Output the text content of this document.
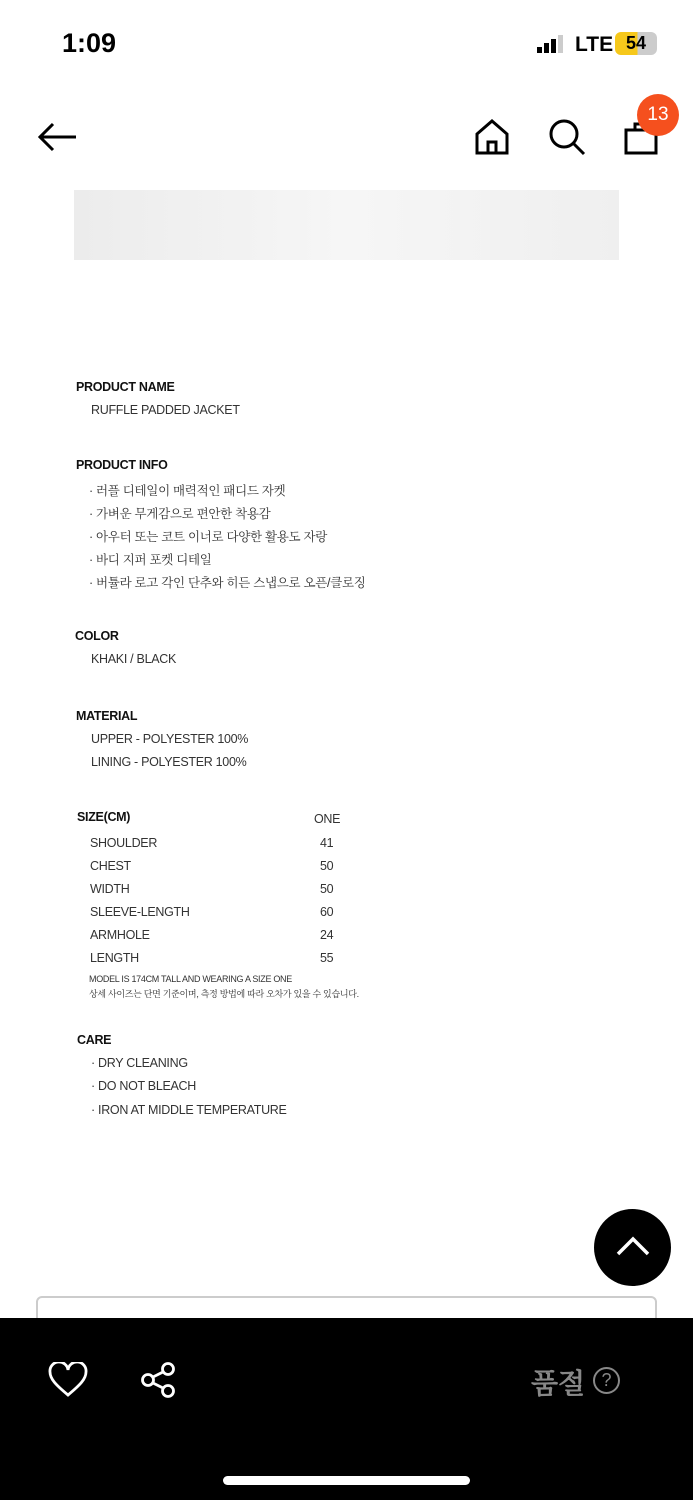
1:09	LTE 54
13
PRODUCT NAME
RUFFLE PADDED JACKET
PRODUCT INFO
· 러플 디테일이 매력적인 패디드 자켓
· 가벼운 무게감으로 편안한 착용감
· 아우터 또는 코트 이너로 다양한 활용도 자랑
· 바디 지퍼 포켓 디테일
· 버튤라 로고 각인 단추와 히든 스냅으로 오픈/클로징
COLOR
KHAKI / BLACK
MATERIAL
UPPER - POLYESTER 100%
LINING - POLYESTER 100%
SIZE(CM)	ONE
SHOULDER	41
CHEST	50
WIDTH	50
SLEEVE-LENGTH	60
ARMHOLE	24
LENGTH	55
MODEL IS 174CM TALL AND WEARING A SIZE ONE
상세 사이즈는 단면 기준이며, 측정 방법에 따라 오차가 있을 수 있습니다.
CARE
· DRY CLEANING
· DO NOT BLEACH
· IRON AT MIDDLE TEMPERATURE
품절 ?
